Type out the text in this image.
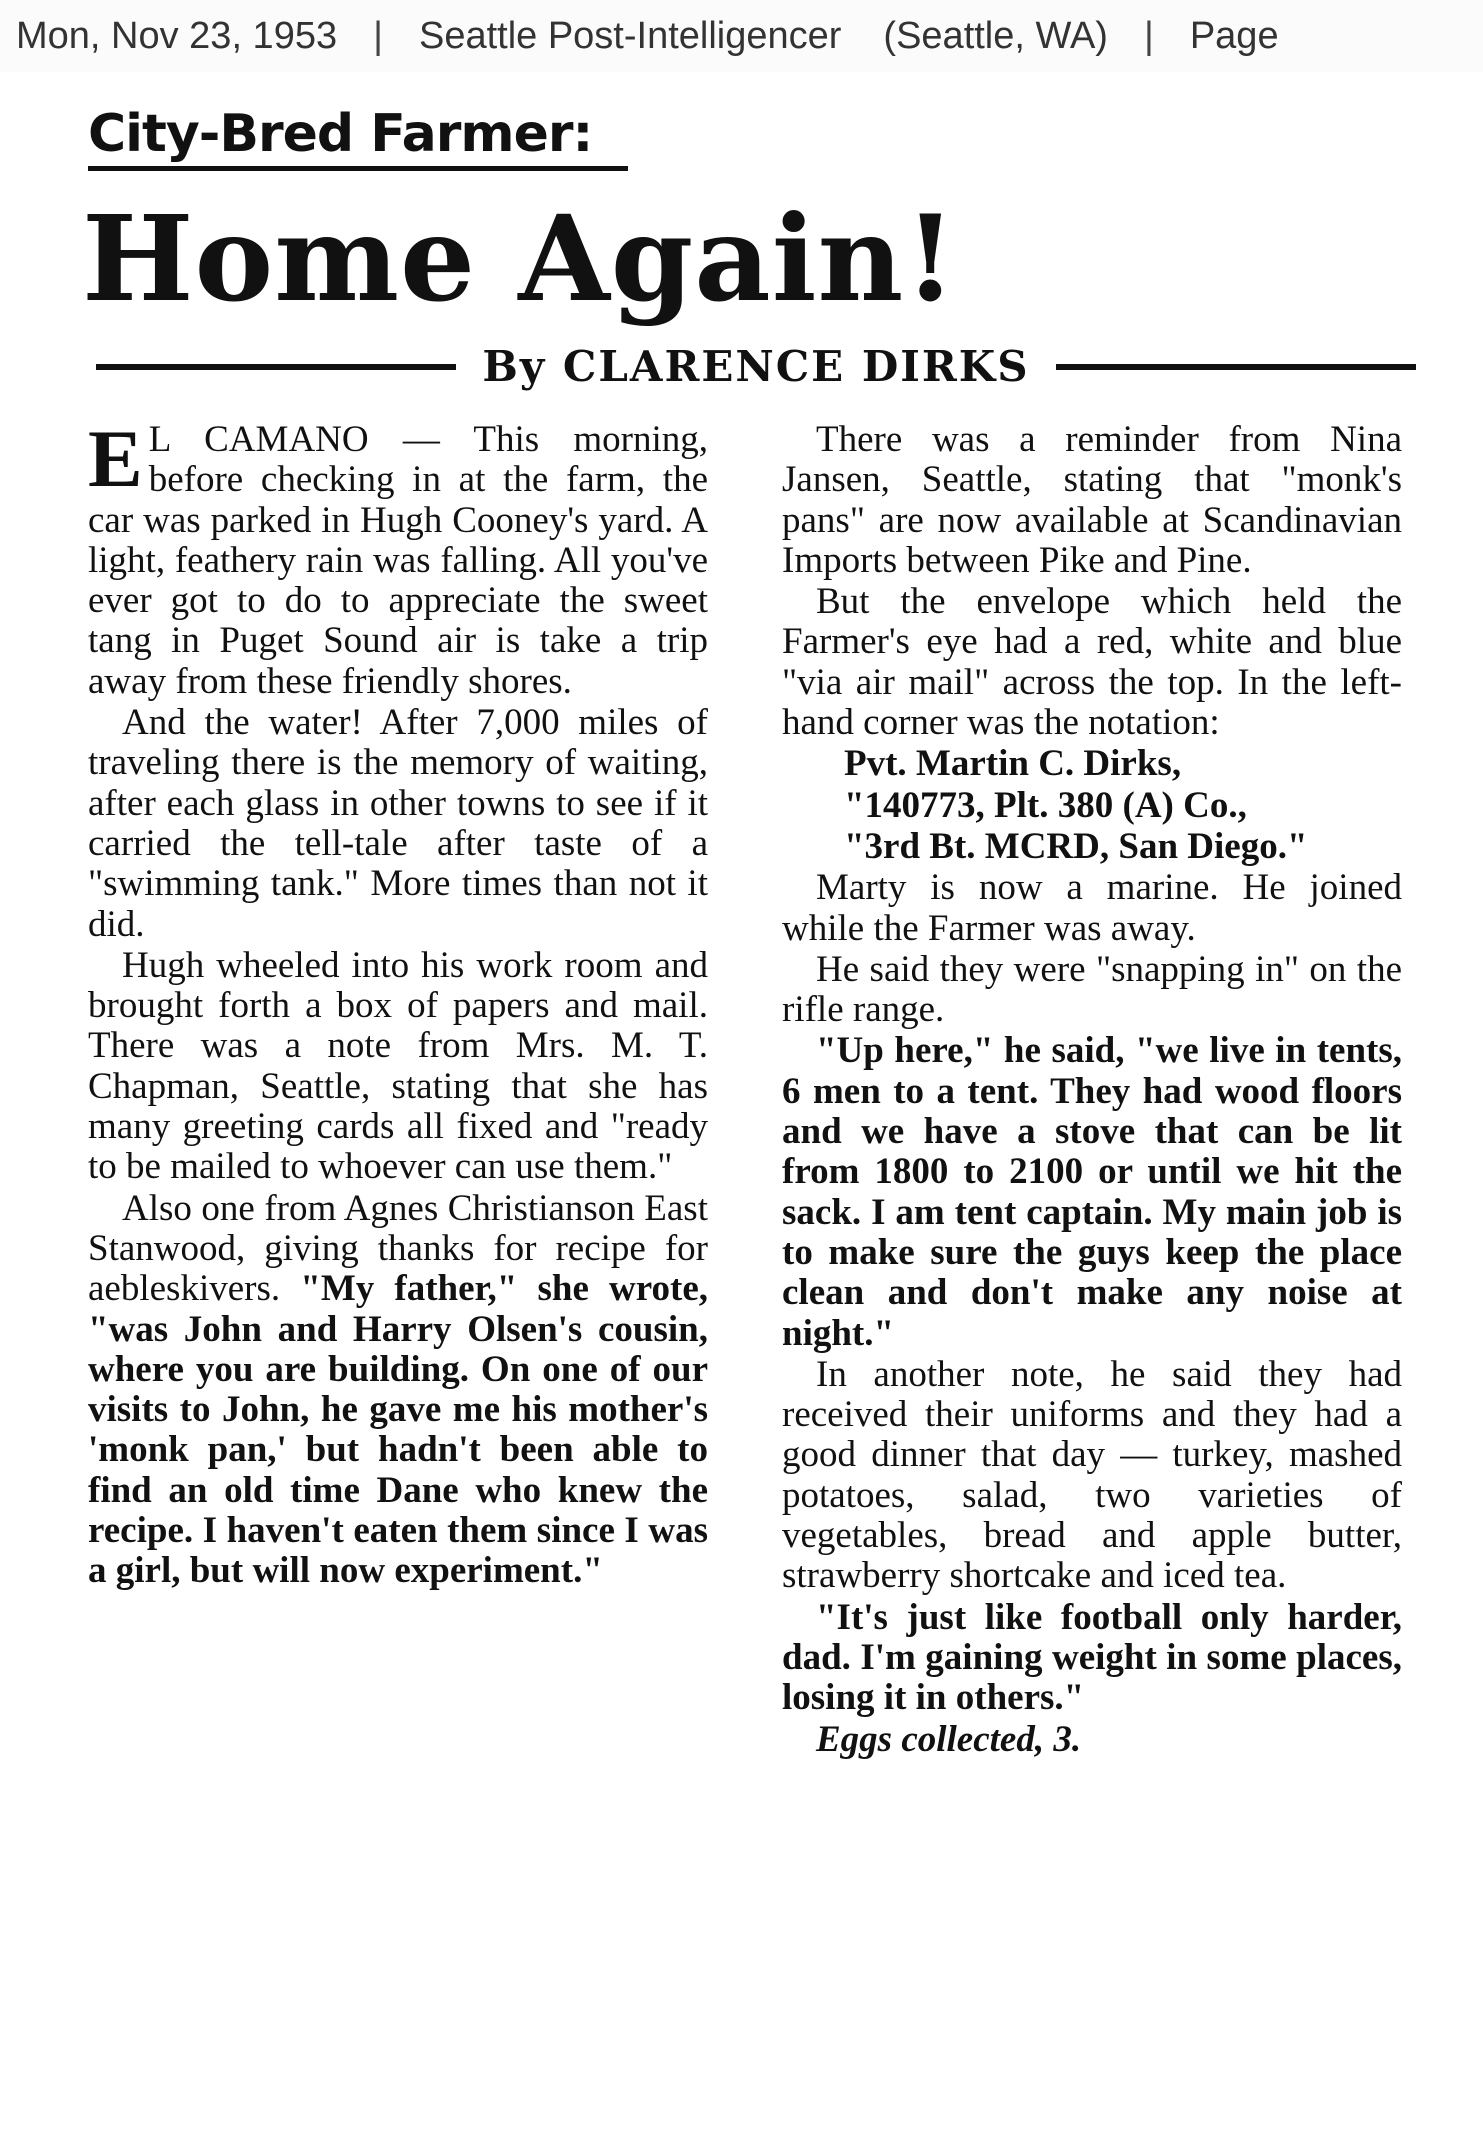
Mon, Nov 23, 1953 | Seattle Post-Intelligencer (Seattle, WA) | Page
City-Bred Farmer:
Home Again!
By CLARENCE DIRKS

E L CAMANO — This morning, before checking in at the farm, the car was parked in Hugh Cooney's yard. A light, feathery rain was falling. All you've ever got to do to appreciate the sweet tang in Puget Sound air is take a trip away from these friendly shores.

And the water! After 7,000 miles of traveling there is the memory of waiting, after each glass in other towns to see if it carried the tell-tale after taste of a "swimming tank." More times than not it did.

Hugh wheeled into his work room and brought forth a box of papers and mail. There was a note from Mrs. M. T. Chapman, Seattle, stating that she has many greeting cards all fixed and "ready to be mailed to whoever can use them."

Also one from Agnes Christianson East Stanwood, giving thanks for recipe for aebleskivers. "My father," she wrote, "was John and Harry Olsen's cousin, where you are building. On one of our visits to John, he gave me his mother's 'monk pan,' but hadn't been able to find an old time Dane who knew the recipe. I haven't eaten them since I was a girl, but will now experiment."

There was a reminder from Nina Jansen, Seattle, stating that "monk's pans" are now available at Scandinavian Imports between Pike and Pine.

But the envelope which held the Farmer's eye had a red, white and blue "via air mail" across the top. In the left-hand corner was the notation:

Pvt. Martin C. Dirks,

"140773, Plt. 380 (A) Co.,

"3rd Bt. MCRD, San Diego."

Marty is now a marine. He joined while the Farmer was away.

He said they were "snapping in" on the rifle range.

"Up here," he said, "we live in tents, 6 men to a tent. They had wood floors and we have a stove that can be lit from 1800 to 2100 or until we hit the sack. I am tent captain. My main job is to make sure the guys keep the place clean and don't make any noise at night."

In another note, he said they had received their uniforms and they had a good dinner that day — turkey, mashed potatoes, salad, two varieties of vegetables, bread and apple butter, strawberry shortcake and iced tea.

"It's just like football only harder, dad. I'm gaining weight in some places, losing it in others."

Eggs collected, 3.
